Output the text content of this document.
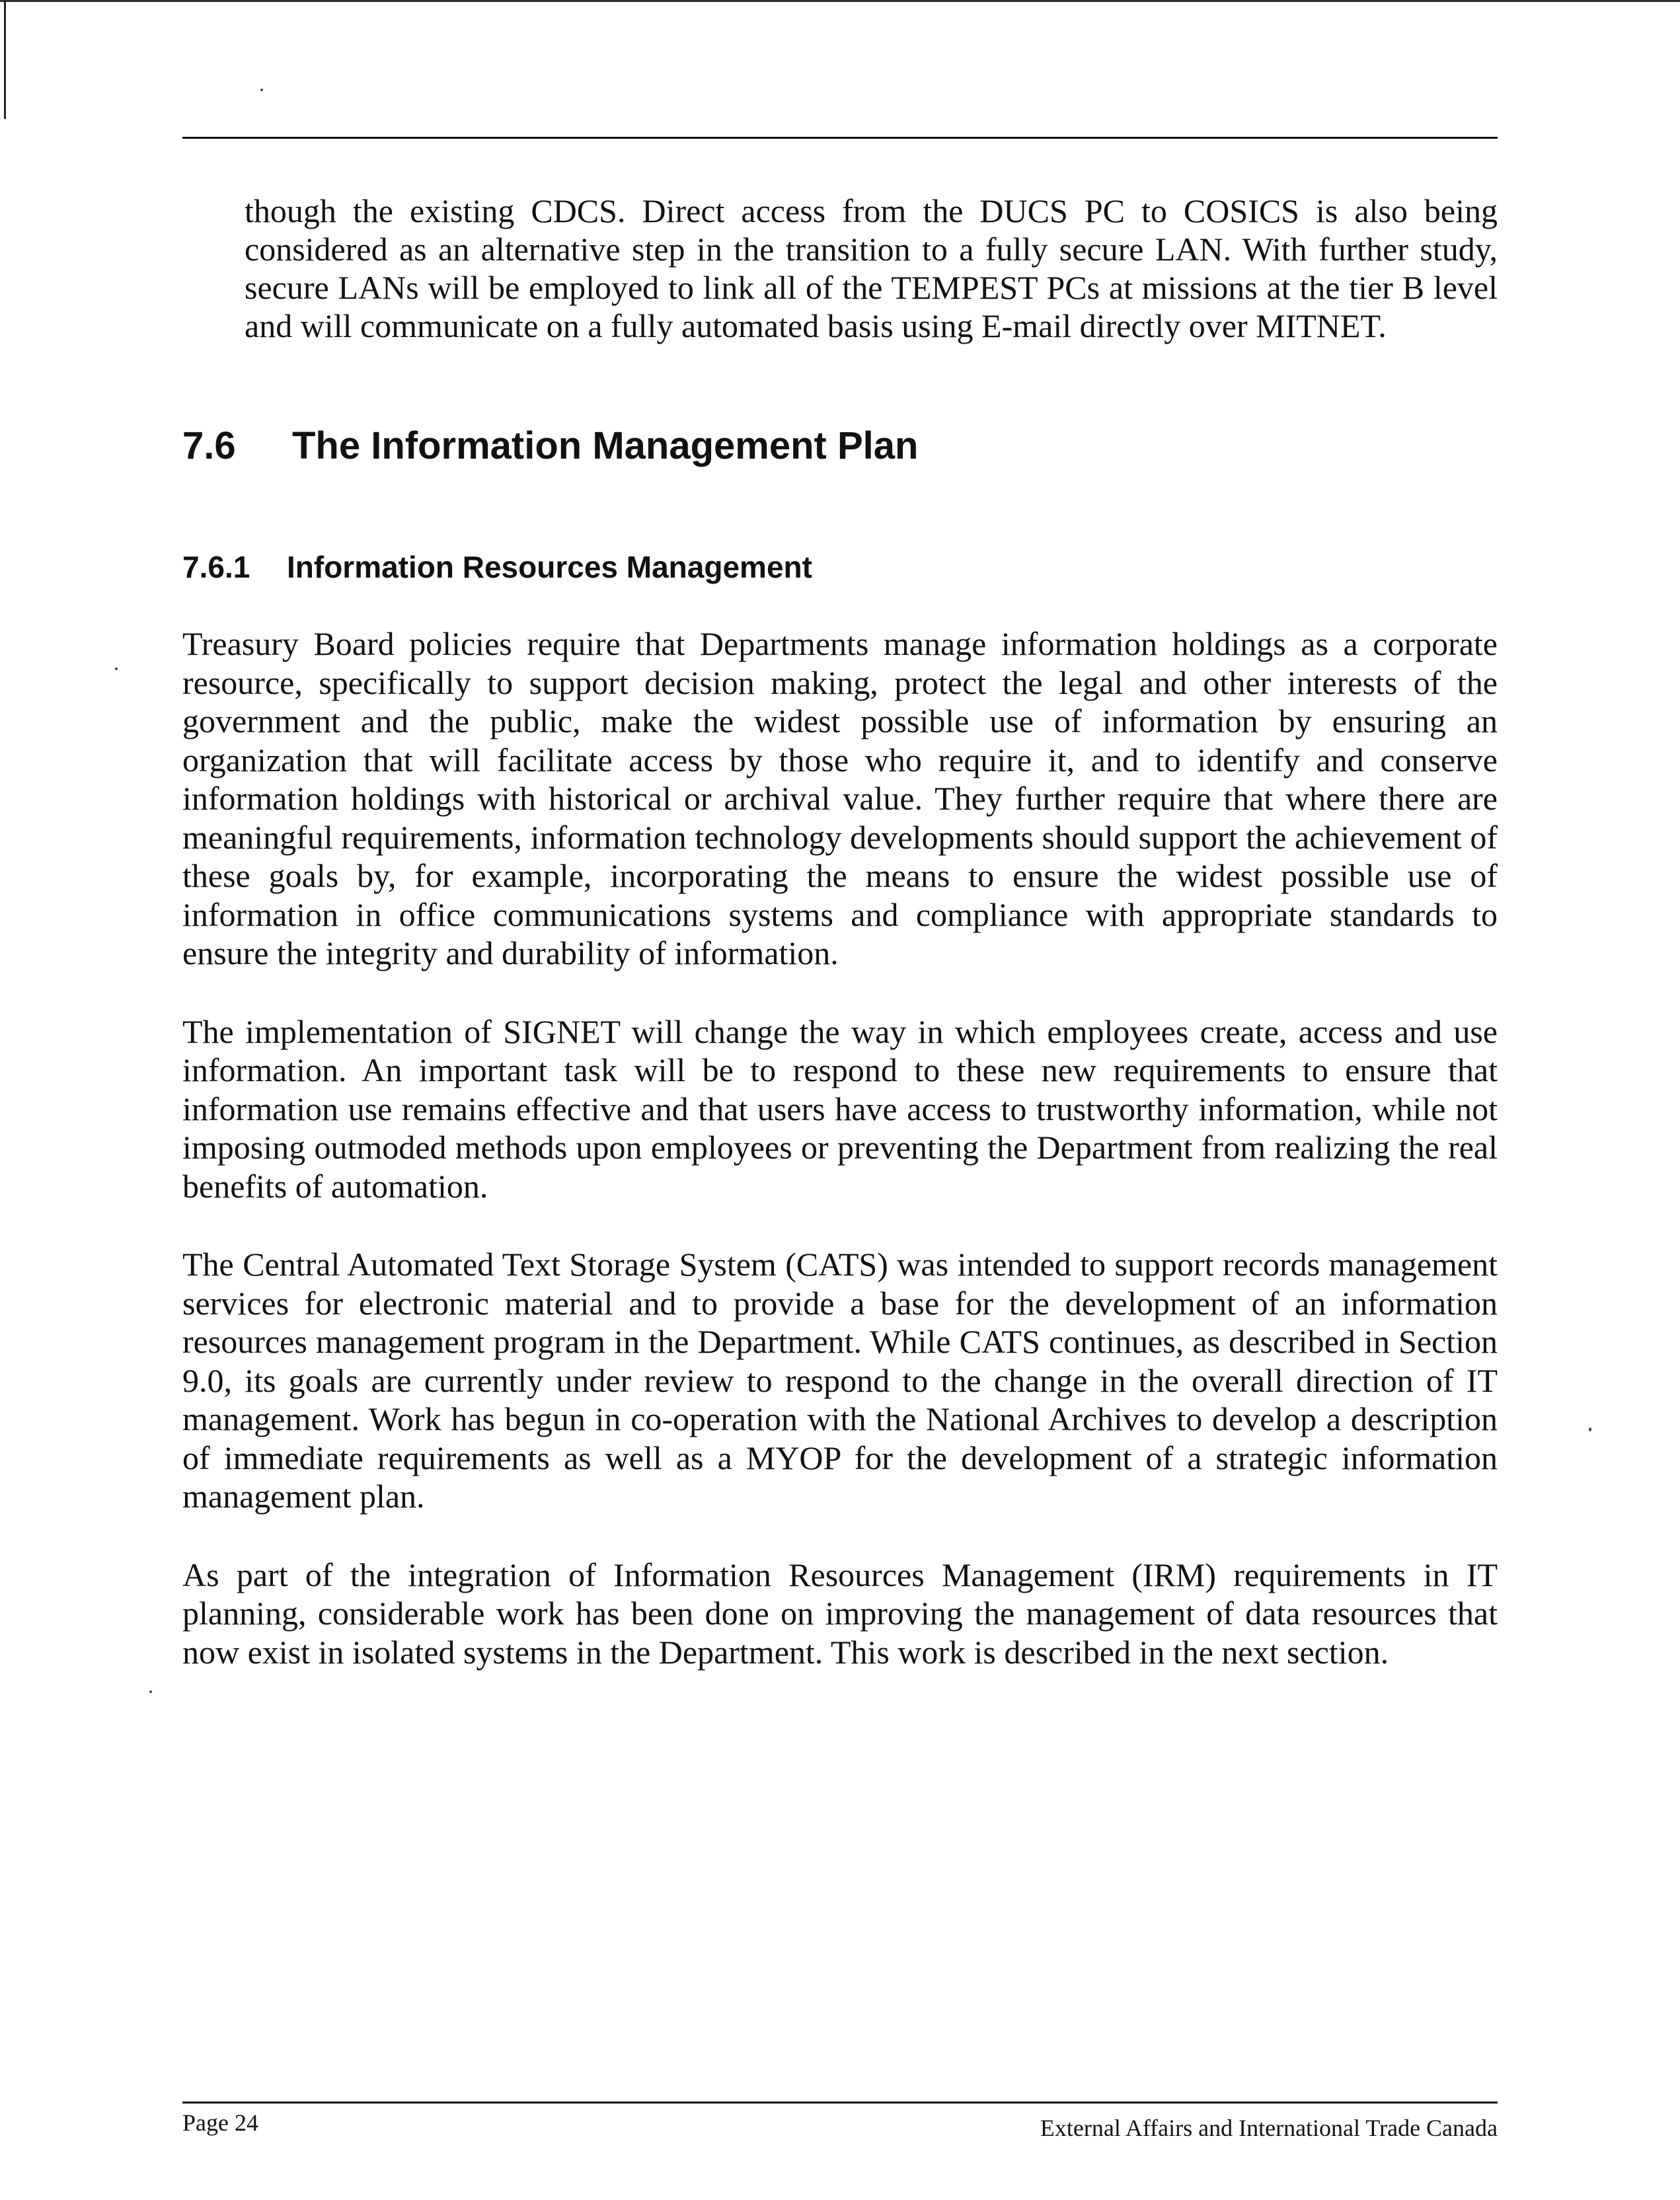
though the existing CDCS. Direct access from the DUCS PC to COSICS is also being considered as an alternative step in the transition to a fully secure LAN. With further study, secure LANs will be employed to link all of the TEMPEST PCs at missions at the tier B level and will communicate on a fully automated basis using E-mail directly over MITNET.

7.6 The Information Management Plan
7.6.1 Information Resources Management

Treasury Board policies require that Departments manage information holdings as a corporate resource, specifically to support decision making, protect the legal and other interests of the government and the public, make the widest possible use of information by ensuring an organization that will facilitate access by those who require it, and to identify and conserve information holdings with historical or archival value. They further require that where there are meaningful requirements, information technology developments should support the achievement of these goals by, for example, incorporating the means to ensure the widest possible use of information in office communications systems and compliance with appropriate standards to ensure the integrity and durability of information.

The implementation of SIGNET will change the way in which employees create, access and use information. An important task will be to respond to these new requirements to ensure that information use remains effective and that users have access to trustworthy information, while not imposing outmoded methods upon employees or preventing the Department from realizing the real benefits of automation.

The Central Automated Text Storage System (CATS) was intended to support records management services for electronic material and to provide a base for the development of an information resources management program in the Department. While CATS continues, as described in Section 9.0, its goals are currently under review to respond to the change in the overall direction of IT management. Work has begun in co-operation with the National Archives to develop a description of immediate requirements as well as a MYOP for the development of a strategic information management plan.

As part of the integration of Information Resources Management (IRM) requirements in IT planning, considerable work has been done on improving the management of data resources that now exist in isolated systems in the Department. This work is described in the next section.

Page 24	External Affairs and International Trade Canada
